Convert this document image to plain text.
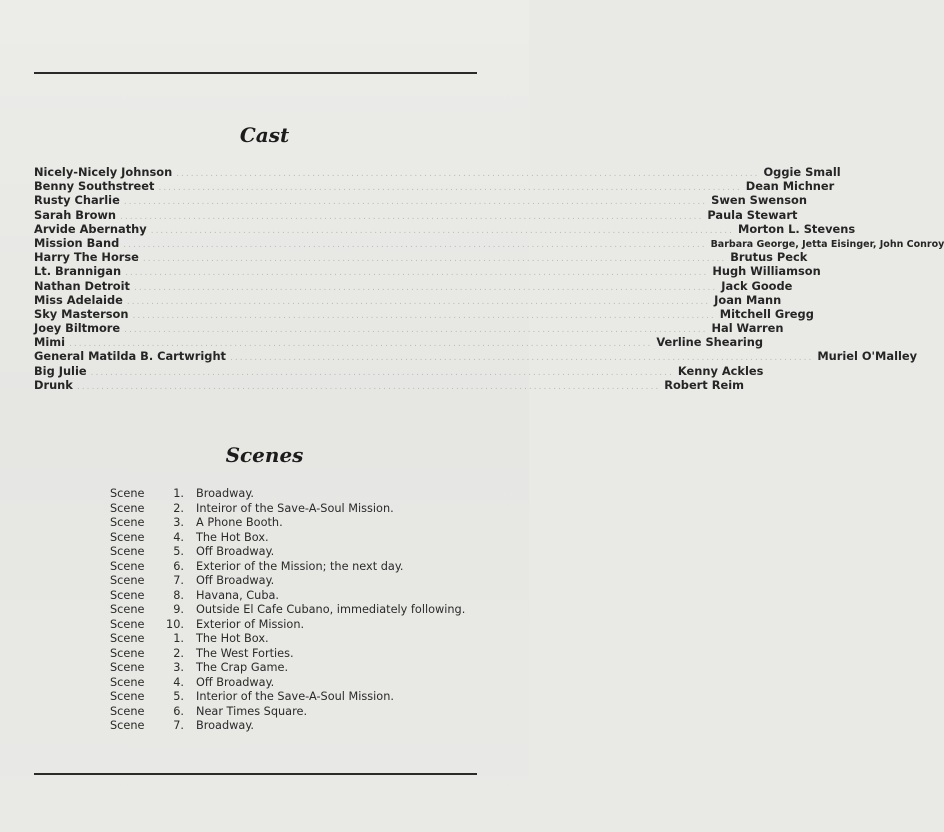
Cast
Nicely-Nicely Johnson ........................................................................................................................ Oggie Small
Benny Southstreet ........................................................................................................................ Dean Michner
Rusty Charlie ........................................................................................................................ Swen Swenson
Sarah Brown ........................................................................................................................ Paula Stewart
Arvide Abernathy ........................................................................................................................ Morton L. Stevens
Mission Band ........................................................................................................................ Barbara George, Jetta Eisinger, John Conroy
Harry The Horse ........................................................................................................................ Brutus Peck
Lt. Brannigan ........................................................................................................................ Hugh Williamson
Nathan Detroit ........................................................................................................................ Jack Goode
Miss Adelaide ........................................................................................................................ Joan Mann
Sky Masterson ........................................................................................................................ Mitchell Gregg
Joey Biltmore ........................................................................................................................ Hal Warren
Mimi ........................................................................................................................ Verline Shearing
General Matilda B. Cartwright ........................................................................................................................ Muriel O'Malley
Big Julie ........................................................................................................................ Kenny Ackles
Drunk ........................................................................................................................ Robert Reim
Scenes
Scene	1. Broadway.
Scene	2. Inteiror of the Save-A-Soul Mission.
Scene	3. A Phone Booth.
Scene	4. The Hot Box.
Scene	5. Off Broadway.
Scene	6. Exterior of the Mission; the next day.
Scene	7. Off Broadway.
Scene	8. Havana, Cuba.
Scene	9. Outside El Cafe Cubano, immediately following.
Scene	10. Exterior of Mission.
Scene	1. The Hot Box.
Scene	2. The West Forties.
Scene	3. The Crap Game.
Scene	4. Off Broadway.
Scene	5. Interior of the Save-A-Soul Mission.
Scene	6. Near Times Square.
Scene	7. Broadway.
